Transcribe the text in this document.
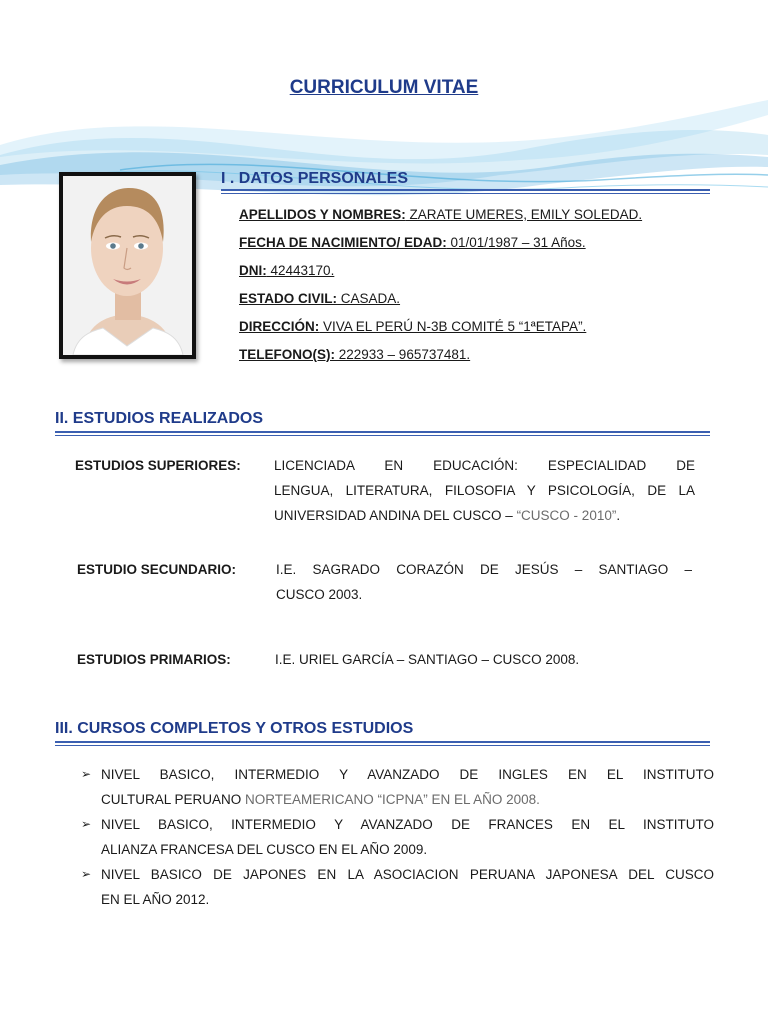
CURRICULUM VITAE
I . DATOS PERSONALES
APELLIDOS Y NOMBRES: ZARATE UMERES, EMILY SOLEDAD.
FECHA DE NACIMIENTO/ EDAD: 01/01/1987 – 31 Años.
DNI: 42443170.
ESTADO CIVIL: CASADA.
DIRECCIÓN: VIVA EL PERÚ N-3B COMITÉ 5 “1ªETAPA”.
TELEFONO(S): 222933 – 965737481.
II. ESTUDIOS REALIZADOS
ESTUDIOS SUPERIORES: LICENCIADA EN EDUCACIÓN: ESPECIALIDAD DE
LENGUA, LITERATURA, FILOSOFIA Y PSICOLOGÍA, DE LA
UNIVERSIDAD ANDINA DEL CUSCO – “CUSCO - 2010”.
ESTUDIO SECUNDARIO:	I.E. SAGRADO CORAZÓN DE JESÚS – SANTIAGO –
CUSCO 2003.
ESTUDIOS PRIMARIOS:	I.E. URIEL GARCÍA – SANTIAGO – CUSCO 2008.
III. CURSOS COMPLETOS Y OTROS ESTUDIOS
➢ NIVEL BASICO, INTERMEDIO Y AVANZADO DE INGLES EN EL INSTITUTO
CULTURAL PERUANO NORTEAMERICANO “ICPNA” EN EL AÑO 2008.
➢ NIVEL BASICO, INTERMEDIO Y AVANZADO DE FRANCES EN EL INSTITUTO
ALIANZA FRANCESA DEL CUSCO EN EL AÑO 2009.
➢ NIVEL BASICO DE JAPONES EN LA ASOCIACION PERUANA JAPONESA DEL CUSCO
EN EL AÑO 2012.
